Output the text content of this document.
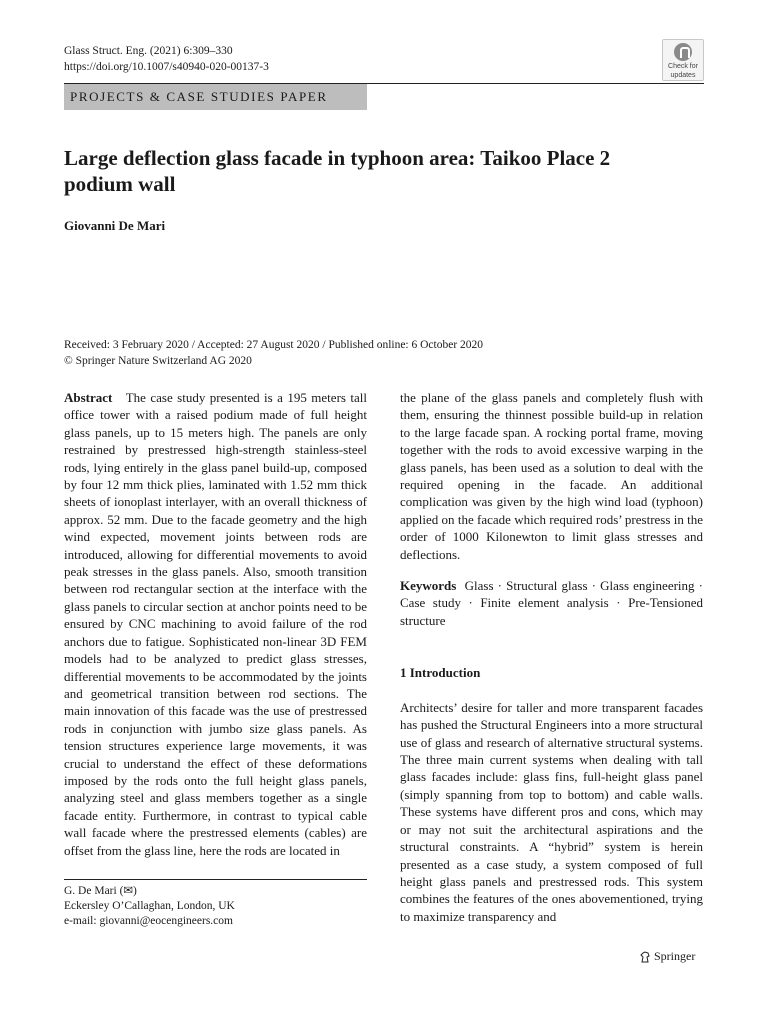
Glass Struct. Eng. (2021) 6:309–330
https://doi.org/10.1007/s40940-020-00137-3	Check for
updates
PROJECTS & CASE STUDIES PAPER
Large deflection glass facade in typhoon area: Taikoo Place 2 podium wall
Giovanni De Mari
Received: 3 February 2020 / Accepted: 27 August 2020 / Published online: 6 October 2020
© Springer Nature Switzerland AG 2020

Abstract The case study presented is a 195 meters tall office tower with a raised podium made of full height glass panels, up to 15 meters high. The panels are only restrained by prestressed high-strength stainless-steel rods, lying entirely in the glass panel build-up, composed by four 12 mm thick plies, laminated with 1.52 mm thick sheets of ionoplast interlayer, with an overall thickness of approx. 52 mm. Due to the facade geometry and the high wind expected, movement joints between rods are introduced, allowing for differential movements to avoid peak stresses in the glass panels. Also, smooth transition between rod rectangular section at the interface with the glass panels to circular section at anchor points need to be ensured by CNC machining to avoid failure of the rod anchors due to fatigue. Sophisticated non-linear 3D FEM models had to be analyzed to predict glass stresses, differential movements to be accommodated by the joints and geometrical transition between rod sections. The main innovation of this facade was the use of prestressed rods in conjunction with jumbo size glass panels. As tension structures experience large movements, it was crucial to understand the effect of these deformations imposed by the rods onto the full height glass panels, analyzing steel and glass members together as a single facade entity. Furthermore, in contrast to typical cable wall facade where the prestressed elements (cables) are offset from the glass line, here the rods are located in

the plane of the glass panels and completely flush with them, ensuring the thinnest possible build-up in relation to the large facade span. A rocking portal frame, moving together with the rods to avoid excessive warping in the glass panels, has been used as a solution to deal with the required opening in the facade. An additional complication was given by the high wind load (typhoon) applied on the facade which required rods’ prestress in the order of 1000 Kilonewton to limit glass stresses and deflections.

Keywords Glass · Structural glass · Glass engineering · Case study · Finite element analysis · Pre-Tensioned structure

1 Introduction

Architects’ desire for taller and more transparent facades has pushed the Structural Engineers into a more structural use of glass and research of alternative structural systems. The three main current systems when dealing with tall glass facades include: glass fins, full-height glass panel (simply spanning from top to bottom) and cable walls. These systems have different pros and cons, which may or may not suit the architectural aspirations and the structural constraints. A “hybrid” system is herein presented as a case study, a system composed of full height glass panels and prestressed rods. This system combines the features of the ones abovementioned, trying to maximize transparency and

G. De Mari (✉)
Eckersley O’Callaghan, London, UK
e-mail: giovanni@eocengineers.com
Springer
